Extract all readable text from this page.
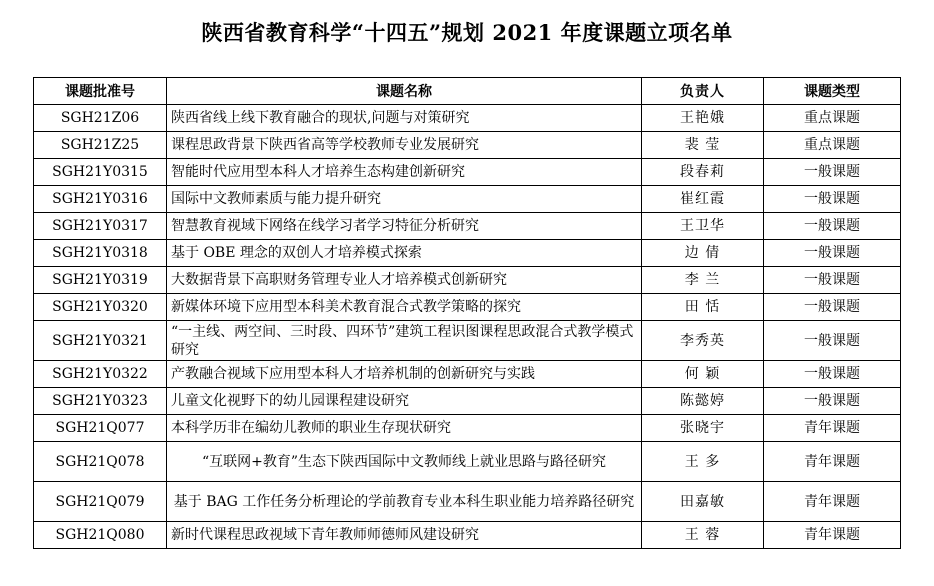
陕西省教育科学“十四五”规划 2021 年度课题立项名单
课题批准号	课题名称	负责人	课题类型
SGH21Z06	陕西省线上线下教育融合的现状,问题与对策研究	王艳娥	重点课题
SGH21Z25	课程思政背景下陕西省高等学校教师专业发展研究	裴 莹	重点课题
SGH21Y0315	智能时代应用型本科人才培养生态构建创新研究	段春莉	一般课题
SGH21Y0316	国际中文教师素质与能力提升研究	崔红霞	一般课题
SGH21Y0317	智慧教育视域下网络在线学习者学习特征分析研究	王卫华	一般课题
SGH21Y0318	基于 OBE 理念的双创人才培养模式探索	边 倩	一般课题
SGH21Y0319	大数据背景下高职财务管理专业人才培养模式创新研究	李 兰	一般课题
SGH21Y0320	新媒体环境下应用型本科美术教育混合式教学策略的探究	田 恬	一般课题
SGH21Y0321	“一主线、两空间、三时段、四环节”建筑工程识图课程思政混合式教学模式研究	李秀英	一般课题
SGH21Y0322	产教融合视域下应用型本科人才培养机制的创新研究与实践	何 颖	一般课题
SGH21Y0323	儿童文化视野下的幼儿园课程建设研究	陈懿婷	一般课题
SGH21Q077	本科学历非在编幼儿教师的职业生存现状研究	张晓宇	青年课题
SGH21Q078	“互联网+教育”生态下陕西国际中文教师线上就业思路与路径研究	王 多	青年课题
SGH21Q079	基于 BAG 工作任务分析理论的学前教育专业本科生职业能力培养路径研究	田嘉敏	青年课题
SGH21Q080	新时代课程思政视域下青年教师师德师风建设研究	王 蓉	青年课题
